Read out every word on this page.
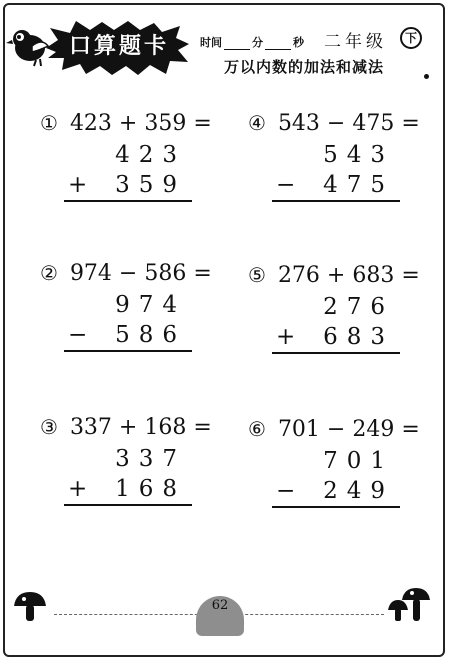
口算题卡	时间	分	秒 二年级	下
万以内数的加法和减法
① 423 + 359 =
423
+ 359
④ 543 − 475 =
543
− 475
② 974 − 586 =
974
− 586
⑤ 276 + 683 =
276
+ 683
③ 337 + 168 =
337
+ 168
⑥ 701 − 249 =
701
− 249
62
